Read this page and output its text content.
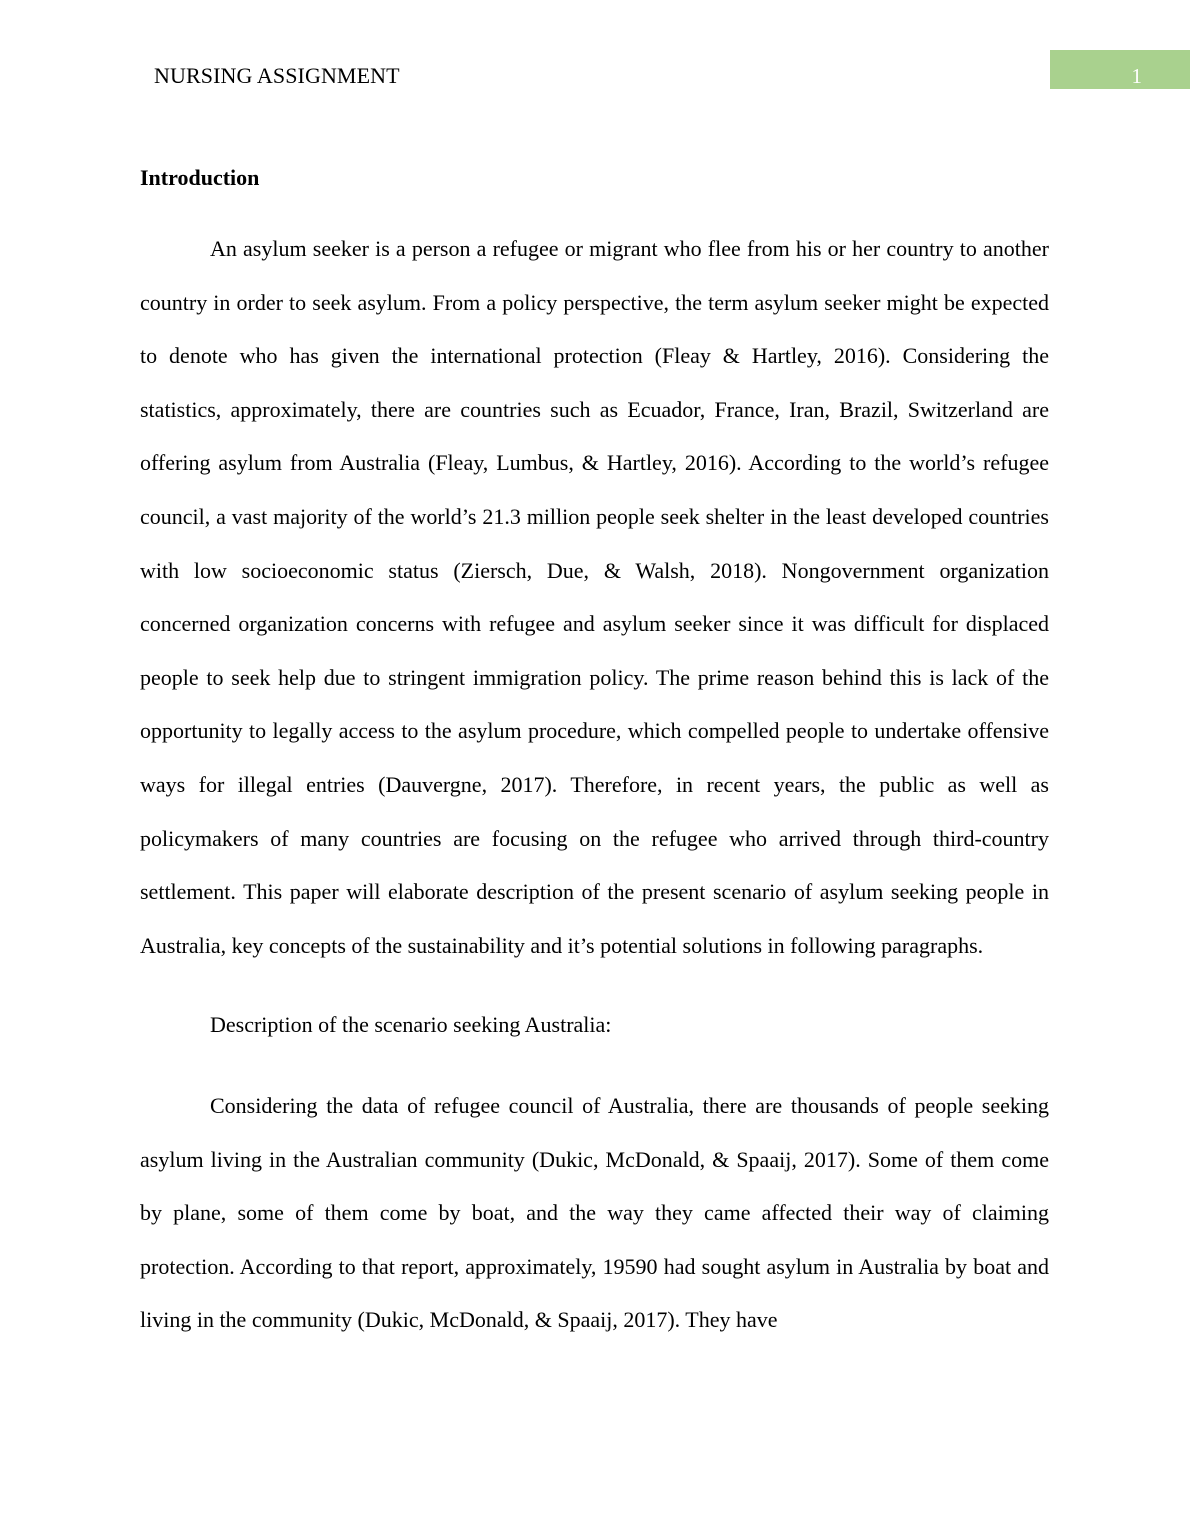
NURSING ASSIGNMENT	1

Introduction

An asylum seeker is a person a refugee or migrant who flee from his or her country to another country in order to seek asylum. From a policy perspective, the term asylum seeker might be expected to denote who has given the international protection (Fleay & Hartley, 2016). Considering the statistics, approximately, there are countries such as Ecuador, France, Iran, Brazil, Switzerland are offering asylum from Australia (Fleay, Lumbus, & Hartley, 2016). According to the world’s refugee council, a vast majority of the world’s 21.3 million people seek shelter in the least developed countries with low socioeconomic status (Ziersch, Due, & Walsh, 2018). Nongovernment organization concerned organization concerns with refugee and asylum seeker since it was difficult for displaced people to seek help due to stringent immigration policy. The prime reason behind this is lack of the opportunity to legally access to the asylum procedure, which compelled people to undertake offensive ways for illegal entries (Dauvergne, 2017). Therefore, in recent years, the public as well as policymakers of many countries are focusing on the refugee who arrived through third-country settlement. This paper will elaborate description of the present scenario of asylum seeking people in Australia, key concepts of the sustainability and it’s potential solutions in following paragraphs.

Description of the scenario seeking Australia:

Considering the data of refugee council of Australia, there are thousands of people seeking asylum living in the Australian community (Dukic, McDonald, & Spaaij, 2017). Some of them come by plane, some of them come by boat, and the way they came affected their way of claiming protection. According to that report, approximately, 19590 had sought asylum in Australia by boat and living in the community (Dukic, McDonald, & Spaaij, 2017). They have
